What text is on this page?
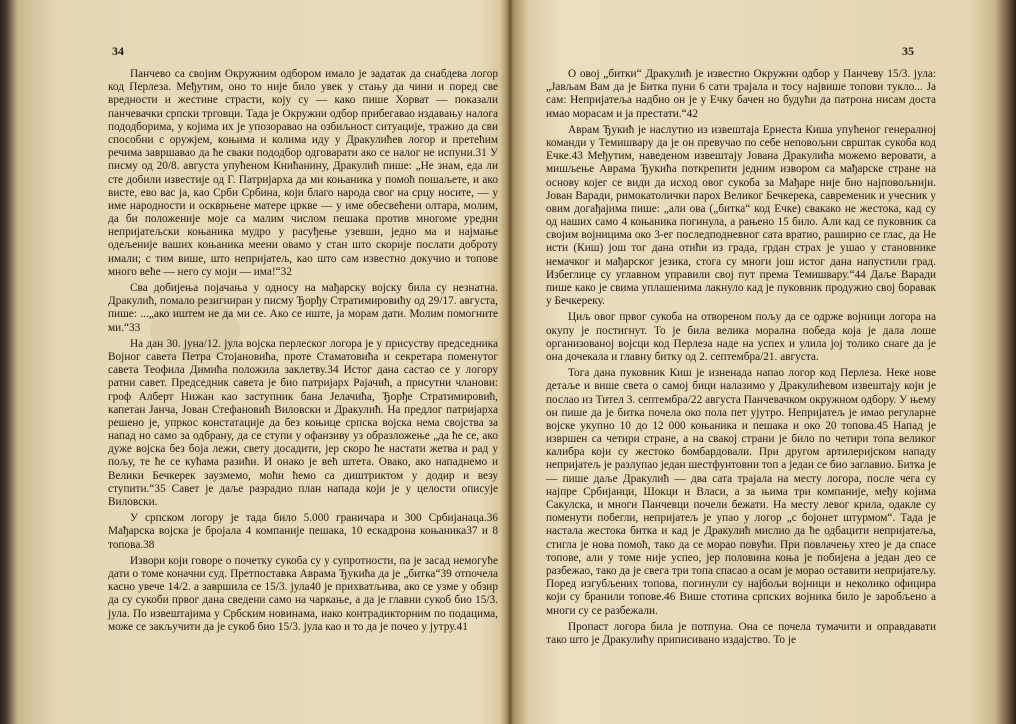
34

Панчево са својим Окружним одбором имало је задатак да снабдева логор код Перлеза. Међутим, оно то није било увек у стању да чини и поред све вредности и жестине страсти, коју су — како пише Хорват — показали панчевачки српски трговци. Тада је Окружни одбор прибегавао издавању налога пододборима, у којима их је упозоравао на озбиљност ситуације, тражио да сви способни с оружјем, коњима и колима иду у Дракулићев логор и претећим речима завршавао да ће сваки пододбор одговарати ако се налог не испуни.31 У писму од 20/8. августа упућеном Книћанину, Дракулић пише: „Не знам, еда ли сте добили известије од Г. Патријарха да ми коњаника у помоћ пошаљете, и ако висте, ево вас ја, као Срби Србина, који благо народа свог на срцу носите, — у име народности и оскврњене матере цркве — у име обесвећени олтара, молим, да би положеније моје са малим числом пешака против многоме уредни непријатељски коњаника мудро у расуђење узевши, једно ма и најмање одељеније ваших коњаника меени овамо у стан што скорије послати доброту имали; с тим више, што непријатељ, као што сам известно докучио и топове много веће — него су моји — има!“32

Сва добијења појачања у односу на мађарску војску била су незнатна. Дракулић, помало резигниран у писму Ђорђу Стратимировићу од 29/17. августа, пише: ...„ако иштем не да ми се. Ако се иште, ја морам дати. Молим помогните ми.“33

На дан 30. јуна/12. јула војска перлеског логора је у присуству председника Војног савета Петра Стојановића, проте Стаматовића и секретара поменутог савета Теофила Димића положила заклетву.34 Истог дана састао се у логору ратни савет. Председник савета је био патријарх Рајачић, а присутни чланови: гроф Алберт Нижан као заступник бана Јелачића, Ђорђе Стратимировић, капетан Јанча, Јован Стефановић Виловски и Дракулић. На предлог патријарха решено је, упркос констатације да без коњице српска војска нема својства за напад но само за одбрану, да се ступи у офанзиву уз образложење „да ће се, ако дуже војска без боја лежи, свету досадити, јер скоро ће настати жетва и рад у пољу, те ће се кућама разићи. И онако је већ штета. Овако, ако нападнемо и Велики Бечкерек заузмемо, моћи ћемо са диштриктом у додир и везу ступити.“35 Савет је даље разрадио план напада који је у целости описује Виловски.

У српском логору је тада било 5.000 граничара и 300 Србијанаца.36 Мађарска војска је бројала 4 компаније пешака, 10 ескадрона коњаника37 и 8 топова.38

Извори који говоре о почетку сукоба су у супротности, па је засад немогуће дати о томе коначни суд. Претпоставка Аврама Ђукића да је „битка“39 отпочела касно увече 14/2. а завршила се 15/3. јула40 је прихватљива, ако се узме у обзир да су сукоби првог дана сведени само на чаркање, а да је главни сукоб био 15/3. јула. По извештајима у Србским новинама, иако контрадикторним по подацима, може се закључити да је сукоб био 15/3. јула као и то да је почео у јутру.41

35

О овој „битки“ Дракулић је известио Окружни одбор у Панчеву 15/3. јула: „Јављам Вам да је Битка пуни 6 сати трајала и тосу највише топови тукло... Ја сам: Непријатеља надбио он је у Ечку бачен но будући да патрона нисам доста имао морасам и ја престати.“42

Аврам Ђукић је наслутио из извештаја Ернеста Киша упућеног генералној команди у Темишвару да је он превучао по себе неповољни сврштак сукоба код Ечке.43 Међутим, наведеном извештају Јована Дракулића можемо веровати, а мишљење Аврама Ђукића поткрепити једним извором са мађарске стране на основу којег се види да исход овог сукоба за Мађаре није био најповољнији. Јован Варади, римокатолички парох Великог Бечкерека, савременик и учесник у овим догађајима пише: „али ова („битка“ код Ечке) свакако не жестока, кад су од наших само 4 коњаника погинула, а рањено 15 било. Али кад се пуковник са својим војницима око 3-ег последподневног сата вратио, раширио се глас, да Не исти (Киш) још тог дана отићи из града, грдан страх је ушао у становнике немачког и мађарског језика, стога су многи још истог дана напустили град. Избеглице су углавном управили свој пут према Темишвару.“44 Даље Варади пише како је свима уплашенима лакнуло кад је пуковник продужио свој боравак у Бечкереку.

Циљ овог првог сукоба на отвореном пољу да се одрже војници логора на окупу је постигнут. То је била велика морална победа која је дала лоше организованој војсци код Перлеза наде на успех и улила јој толико снаге да је она дочекала и главну битку од 2. септембра/21. августа.

Тога дана пуковник Киш је изненада напао логор код Перлеза. Неке нове детаље и више света о самој бици налазимо у Дракулићевом извештају који је послао из Тител 3. септембра/22 августа Панчевачком окружном одбору. У њему он пише да је битка почела око пола пет ујутро. Непријатељ је имао регуларне војске укупно 10 до 12 000 коњаника и пешака и око 20 топова.45 Напад је извршен са четири стране, а на свакој страни је било по четири топа великог калибра који су жестоко бомбардовали. При другом артилеријском нападу непријатељ је разлупао један шестфунтовни топ а један се био заглавио. Битка је — пише даље Дракулић — два сата трајала на месту логора, после чега су најпре Србијанци, Шокци и Власи, а за њима три компаније, међу којима Сакулска, и многи Панчевци почели бежати. На месту левог крила, одакле су поменути побегли, непријатељ је упао у логор „с бојонет штурмом“. Тада је настала жестока битка и кад је Дракулић мислио да ће одбацити непријатеља, стигла је нова помоћ, тако да се морао повући. При повлачењу хтео је да спасе топове, али у томе није успео, јер половина коња је побијена а један део се разбежао, тако да је свега три топа спасао а осам је морао оставити непријатељу. Поред изгубљених топова, погинули су најбољи војници и неколико официра који су бранили топове.46 Више стотина српских војника било је заробљено а многи су се разбежали.

Пропаст логора била је потпуна. Она се почела тумачити и оправдавати тако што је Дракулићу приписивано издајство. То је
